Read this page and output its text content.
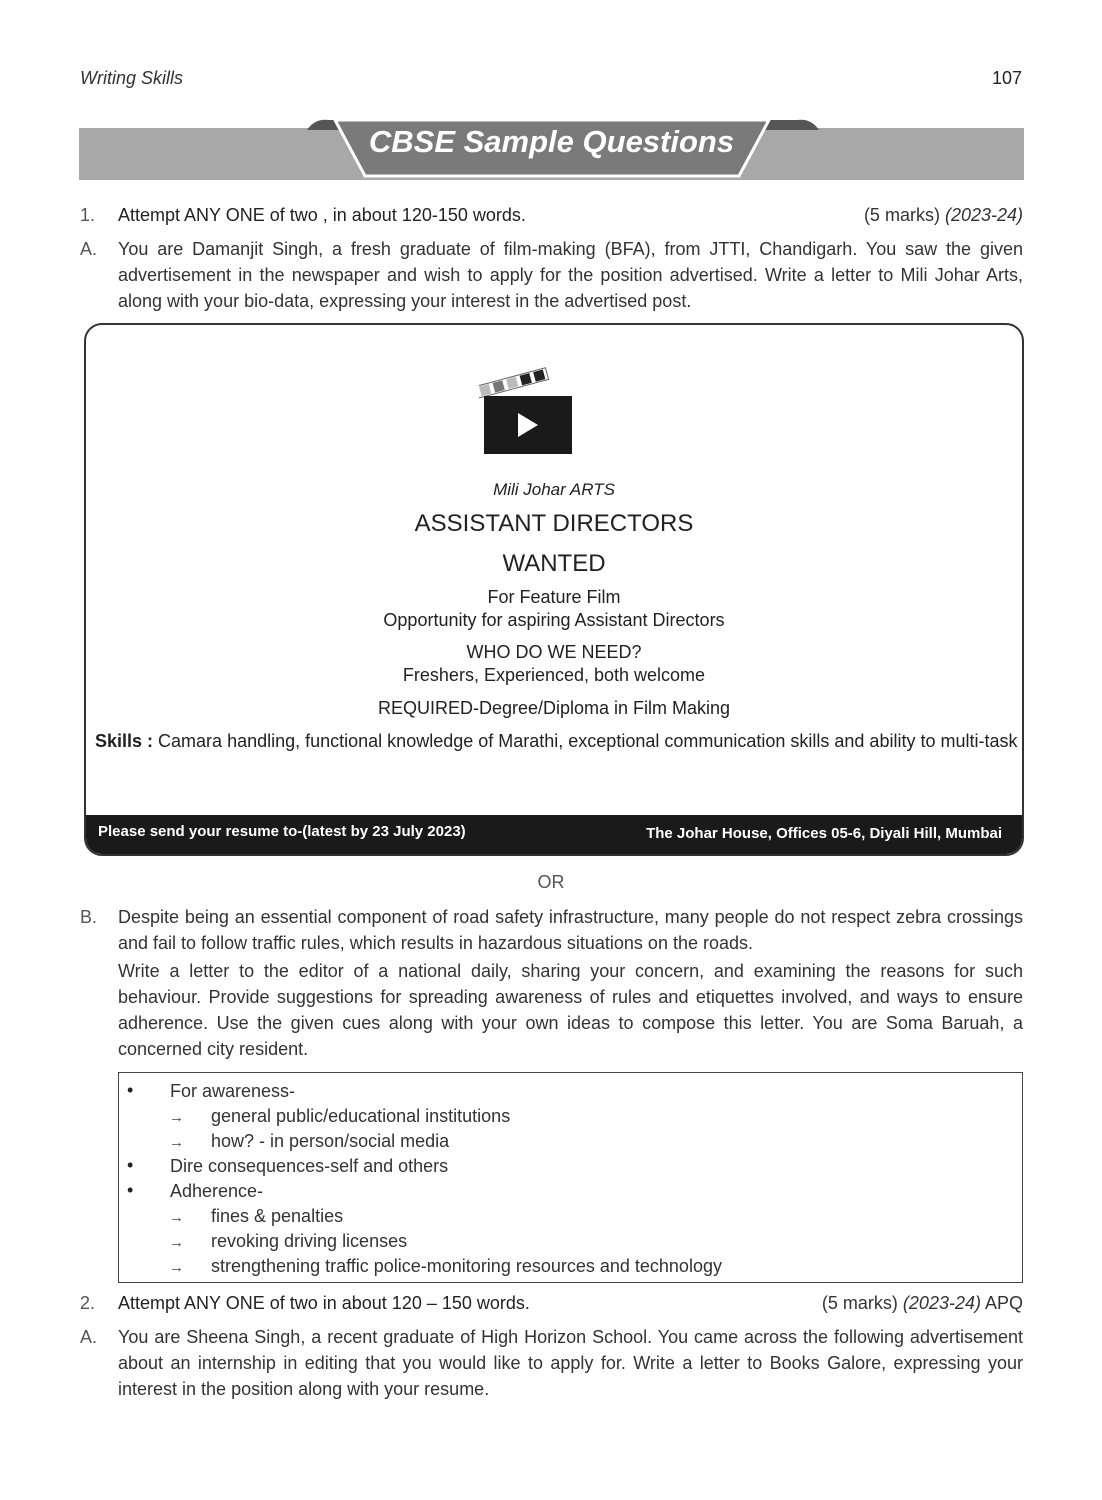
Writing Skills	107
CBSE Sample Questions
1. Attempt ANY ONE of two , in about 120-150 words.	(5 marks) (2023-24)
A. You are Damanjit Singh, a fresh graduate of film-making (BFA), from JTTI, Chandigarh. You saw the given advertisement in the newspaper and wish to apply for the position advertised. Write a letter to Mili Johar Arts, along with your bio-data, expressing your interest in the advertised post.
Mili Johar ARTS
ASSISTANT DIRECTORS
WANTED
For Feature Film
Opportunity for aspiring Assistant Directors
WHO DO WE NEED?
Freshers, Experienced, both welcome
REQUIRED-Degree/Diploma in Film Making
Skills : Camara handling, functional knowledge of Marathi, exceptional communication skills and ability to multi-task
Please send your resume to-(latest by 23 July 2023)	The Johar House, Offices 05-6, Diyali Hill, Mumbai
OR
B. Despite being an essential component of road safety infrastructure, many people do not respect zebra crossings and fail to follow traffic rules, which results in hazardous situations on the roads.
Write a letter to the editor of a national daily, sharing your concern, and examining the reasons for such behaviour. Provide suggestions for spreading awareness of rules and etiquettes involved, and ways to ensure adherence. Use the given cues along with your own ideas to compose this letter. You are Soma Baruah, a concerned city resident.
• For awareness-
→ general public/educational institutions
→ how? - in person/social media
• Dire consequences-self and others
• Adherence-
→ fines & penalties
→ revoking driving licenses
→ strengthening traffic police-monitoring resources and technology
2. Attempt ANY ONE of two in about 120 – 150 words.	(5 marks) (2023-24) APQ
A. You are Sheena Singh, a recent graduate of High Horizon School. You came across the following advertisement about an internship in editing that you would like to apply for. Write a letter to Books Galore, expressing your interest in the position along with your resume.
